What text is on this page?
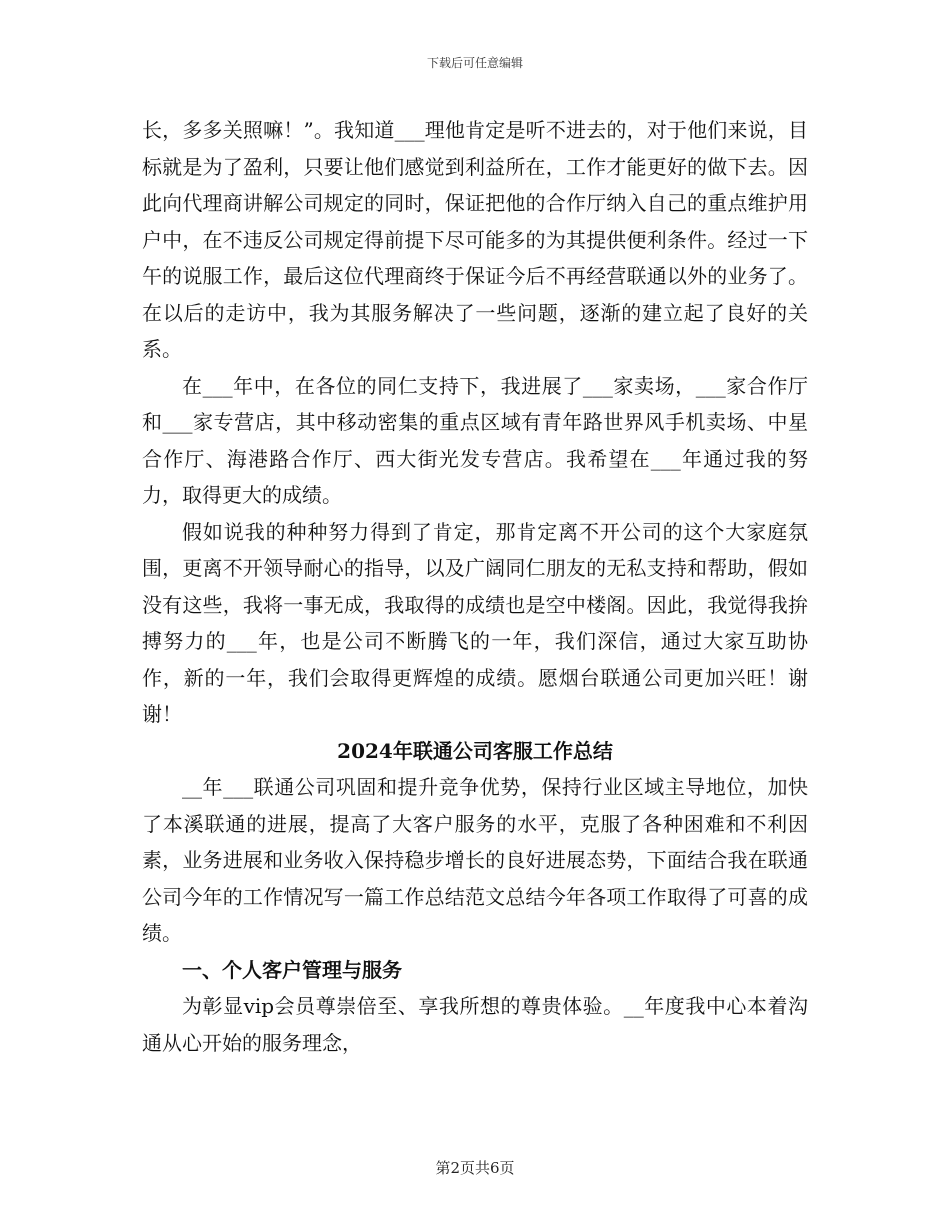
下载后可任意编辑

长，多多关照嘛！”。我知道___理他肯定是听不进去的，对于他们来说，目标就是为了盈利，只要让他们感觉到利益所在，工作才能更好的做下去。因此向代理商讲解公司规定的同时，保证把他的合作厅纳入自己的重点维护用户中，在不违反公司规定得前提下尽可能多的为其提供便利条件。经过一下午的说服工作，最后这位代理商终于保证今后不再经营联通以外的业务了。在以后的走访中，我为其服务解决了一些问题，逐渐的建立起了良好的关系。

在___年中，在各位的同仁支持下，我进展了___家卖场，___家合作厅和___家专营店，其中移动密集的重点区域有青年路世界风手机卖场、中星合作厅、海港路合作厅、西大街光发专营店。我希望在___年通过我的努力，取得更大的成绩。

假如说我的种种努力得到了肯定，那肯定离不开公司的这个大家庭氛围，更离不开领导耐心的指导，以及广阔同仁朋友的无私支持和帮助，假如没有这些，我将一事无成，我取得的成绩也是空中楼阁。因此，我觉得我拚搏努力的___年，也是公司不断腾飞的一年，我们深信，通过大家互助协作，新的一年，我们会取得更辉煌的成绩。愿烟台联通公司更加兴旺！谢谢！

2024年联通公司客服工作总结

__年___联通公司巩固和提升竞争优势，保持行业区域主导地位，加快了本溪联通的进展，提高了大客户服务的水平，克服了各种困难和不利因素，业务进展和业务收入保持稳步增长的良好进展态势，下面结合我在联通公司今年的工作情况写一篇工作总结范文总结今年各项工作取得了可喜的成绩。

一、个人客户管理与服务

为彰显vip会员尊崇倍至、享我所想的尊贵体验。__年度我中心本着沟通从心开始的服务理念，

第2页共6页
